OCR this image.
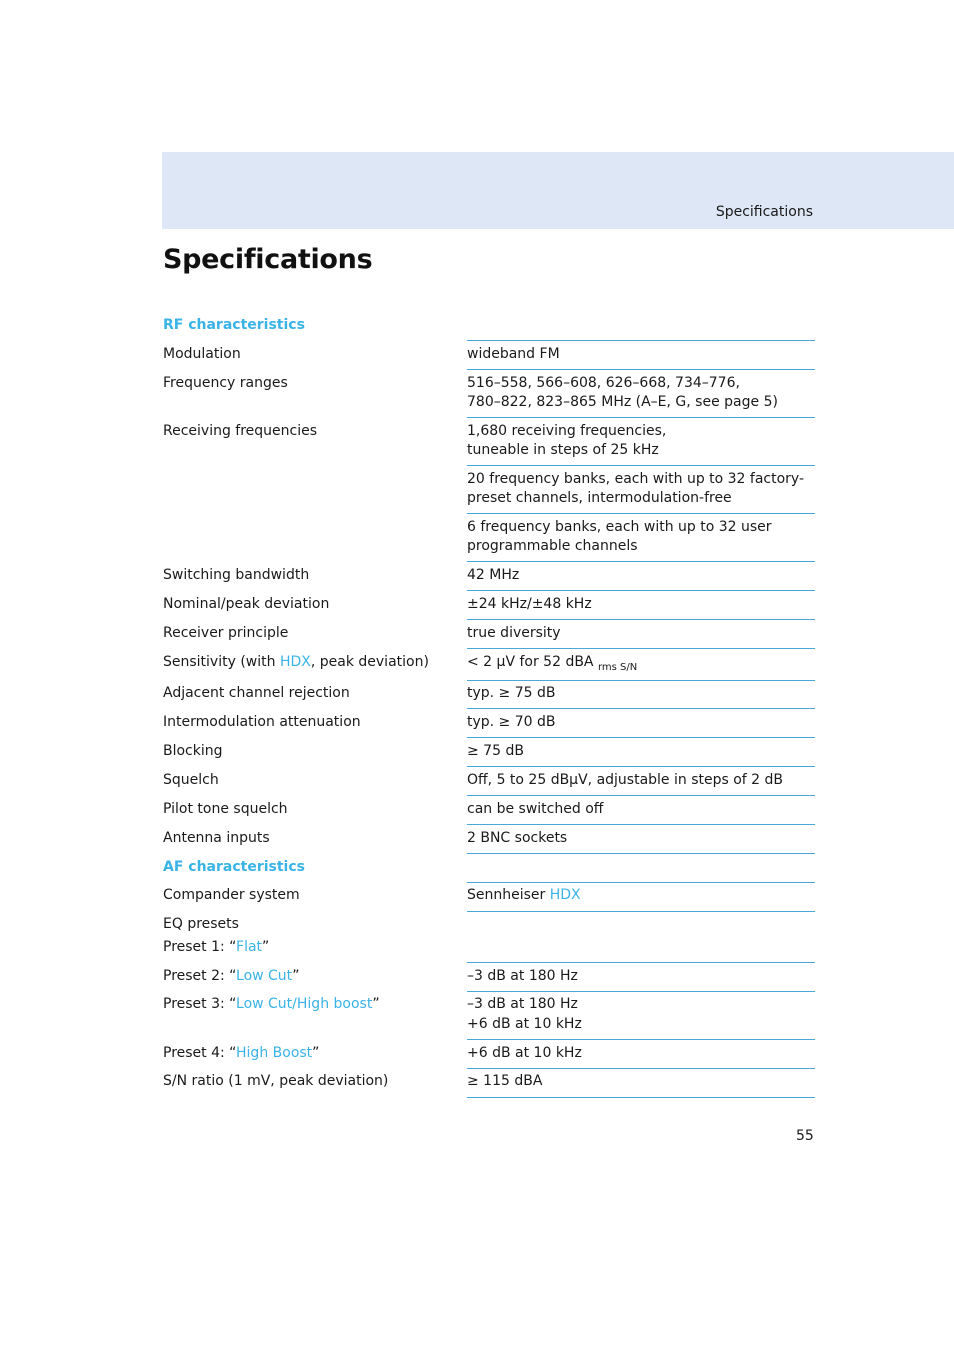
Specifications
Specifications
RF characteristics
Modulation	wideband FM
Frequency ranges	516–558, 566–608, 626–668, 734–776,
780–822, 823–865 MHz (A–E, G, see page 5)
Receiving frequencies	1,680 receiving frequencies,
tuneable in steps of 25 kHz
20 frequency banks, each with up to 32 factory-
preset channels, intermodulation-free
6 frequency banks, each with up to 32 user
programmable channels
Switching bandwidth	42 MHz
Nominal/peak deviation	±24 kHz/±48 kHz
Receiver principle	true diversity
Sensitivity (with HDX, peak deviation)	< 2 µV for 52 dBA $_{rms S/N}$
Adjacent channel rejection	typ. ≥ 75 dB
Intermodulation attenuation	typ. ≥ 70 dB
Blocking	≥ 75 dB
Squelch	Off, 5 to 25 dBµV, adjustable in steps of 2 dB
Pilot tone squelch	can be switched off
Antenna inputs	2 BNC sockets
AF characteristics
Compander system	Sennheiser HDX
EQ presets
Preset 1: “Flat”
Preset 2: “Low Cut”	–3 dB at 180 Hz
Preset 3: “Low Cut/High boost”	–3 dB at 180 Hz
+6 dB at 10 kHz
Preset 4: “High Boost”	+6 dB at 10 kHz
S/N ratio (1 mV, peak deviation)	≥ 115 dBA
55
